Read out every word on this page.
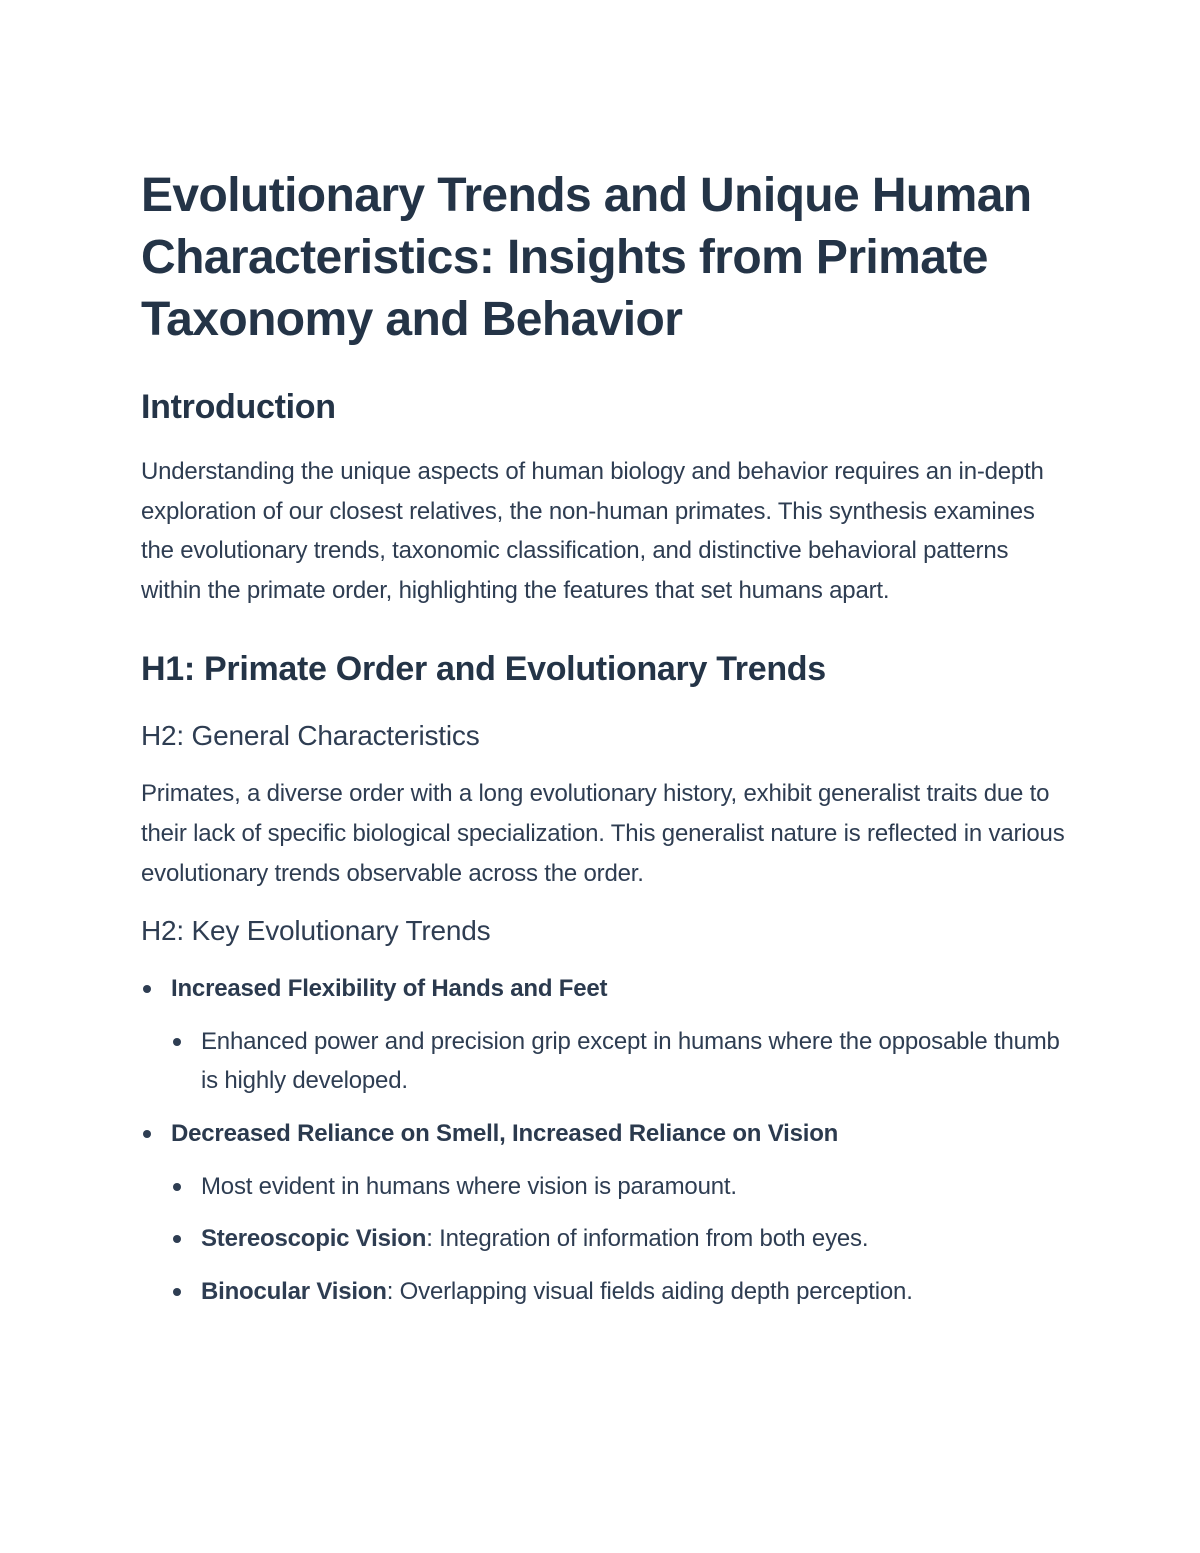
Evolutionary Trends and Unique Human Characteristics: Insights from Primate Taxonomy and Behavior
Introduction

Understanding the unique aspects of human biology and behavior requires an in-depth exploration of our closest relatives, the non-human primates. This synthesis examines the evolutionary trends, taxonomic classification, and distinctive behavioral patterns within the primate order, highlighting the features that set humans apart.

H1: Primate Order and Evolutionary Trends
H2: General Characteristics

Primates, a diverse order with a long evolutionary history, exhibit generalist traits due to their lack of specific biological specialization. This generalist nature is reflected in various evolutionary trends observable across the order.

H2: Key Evolutionary Trends
Increased Flexibility of Hands and Feet
Enhanced power and precision grip except in humans where the opposable thumb is highly developed.
Decreased Reliance on Smell, Increased Reliance on Vision
Most evident in humans where vision is paramount.
Stereoscopic Vision: Integration of information from both eyes.
Binocular Vision: Overlapping visual fields aiding depth perception.
